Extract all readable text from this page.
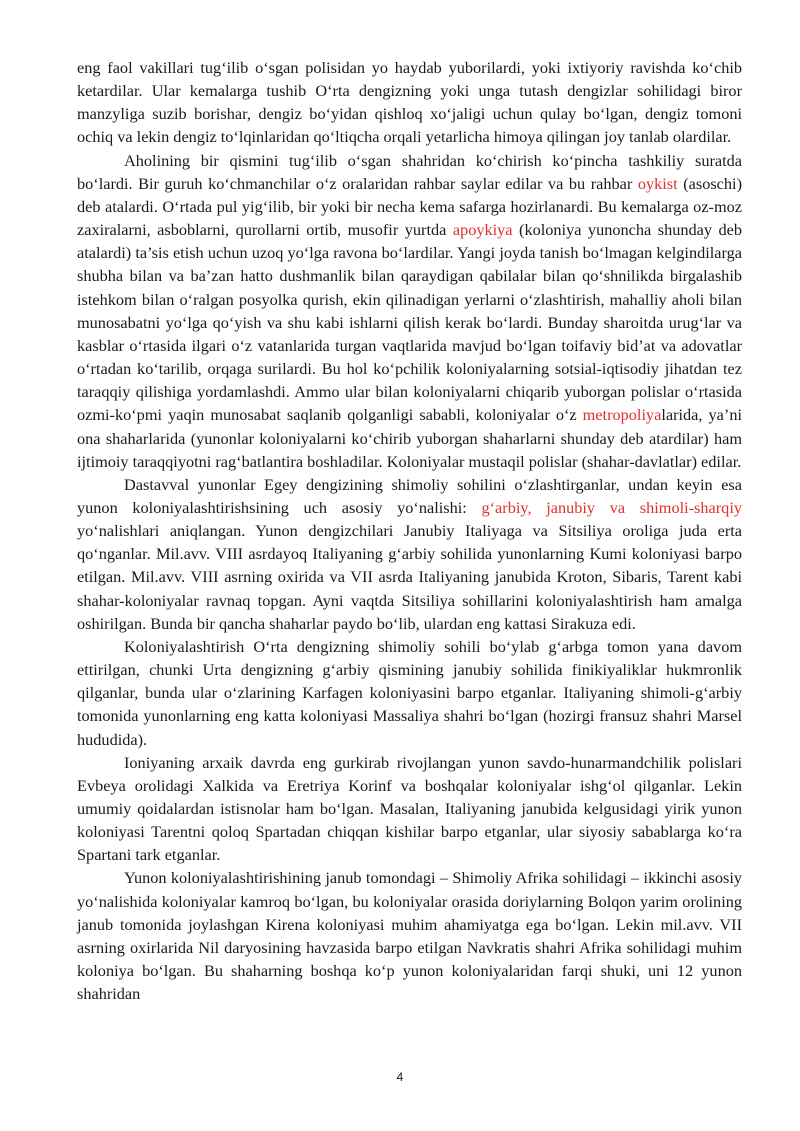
eng faol vakillari tug‘ilib o‘sgan polisidan yo haydab yuborilardi, yoki ixtiyoriy ravishda ko‘chib ketardilar. Ular kemalarga tushib O‘rta dengizning yoki unga tutash dengizlar sohilidagi biror manzyliga suzib borishar, dengiz bo‘yidan qishloq xo‘jaligi uchun qulay bo‘lgan, dengiz tomoni ochiq va lekin dengiz to‘lqinlaridan qo‘ltiqcha orqali yetarlicha himoya qilingan joy tanlab olardilar.

Aholining bir qismini tug‘ilib o‘sgan shahridan ko‘chirish ko‘pincha tashkiliy suratda bo‘lardi. Bir guruh ko‘chmanchilar o‘z oralaridan rahbar saylar edilar va bu rahbar oykist (asoschi) deb atalardi. O‘rtada pul yig‘ilib, bir yoki bir necha kema safarga hozirlanardi. Bu kemalarga oz-moz zaxiralarni, asboblarni, qurollarni ortib, musofir yurtda apoykiya (koloniya yunoncha shunday deb atalardi) ta’sis etish uchun uzoq yo‘lga ravona bo‘lardilar. Yangi joyda tanish bo‘lmagan kelgindilarga shubha bilan va ba’zan hatto dushmanlik bilan qaraydigan qabilalar bilan qo‘shnilikda birgalashib istehkom bilan o‘ralgan posyolka qurish, ekin qilinadigan yerlarni o‘zlashtirish, mahalliy aholi bilan munosabatni yo‘lga qo‘yish va shu kabi ishlarni qilish kerak bo‘lardi. Bunday sharoitda urug‘lar va kasblar o‘rtasida ilgari o‘z vatanlarida turgan vaqtlarida mavjud bo‘lgan toifaviy bid’at va adovatlar o‘rtadan ko‘tarilib, orqaga surilardi. Bu hol ko‘pchilik koloniyalarning sotsial-iqtisodiy jihatdan tez taraqqiy qilishiga yordamlashdi. Ammo ular bilan koloniyalarni chiqarib yuborgan polislar o‘rtasida ozmi-ko‘pmi yaqin munosabat saqlanib qolganligi sababli, koloniyalar o‘z metropoliyalarida, ya’ni ona shaharlarida (yunonlar koloniyalarni ko‘chirib yuborgan shaharlarni shunday deb atardilar) ham ijtimoiy taraqqiyotni rag‘batlantira boshladilar. Koloniyalar mustaqil polislar (shahar-davlatlar) edilar.

Dastavval yunonlar Egey dengizining shimoliy sohilini o‘zlashtirganlar, undan keyin esa yunon koloniyalashtirishsining uch asosiy yo‘nalishi: g‘arbiy, janubiy va shimoli-sharqiy yo‘nalishlari aniqlangan. Yunon dengizchilari Janubiy Italiyaga va Sitsiliya oroliga juda erta qo‘nganlar. Mil.avv. VIII asrdayoq Italiyaning g‘arbiy sohilida yunonlarning Kumi koloniyasi barpo etilgan. Mil.avv. VIII asrning oxirida va VII asrda Italiyaning janubida Kroton, Sibaris, Tarent kabi shahar-koloniyalar ravnaq topgan. Ayni vaqtda Sitsiliya sohillarini koloniyalashtirish ham amalga oshirilgan. Bunda bir qancha shaharlar paydo bo‘lib, ulardan eng kattasi Sirakuza edi.

Koloniyalashtirish O‘rta dengizning shimoliy sohili bo‘ylab g‘arbga tomon yana davom ettirilgan, chunki Urta dengizning g‘arbiy qismining janubiy sohilida finikiyaliklar hukmronlik qilganlar, bunda ular o‘zlarining Karfagen koloniyasini barpo etganlar. Italiyaning shimoli-g‘arbiy tomonida yunonlarning eng katta koloniyasi Massaliya shahri bo‘lgan (hozirgi fransuz shahri Marsel hududida).

Ioniyaning arxaik davrda eng gurkirab rivojlangan yunon savdo-hunarmandchilik polislari Evbeya orolidagi Xalkida va Eretriya Korinf va boshqalar koloniyalar ishg‘ol qilganlar. Lekin umumiy qoidalardan istisnolar ham bo‘lgan. Masalan, Italiyaning janubida kelgusidagi yirik yunon koloniyasi Tarentni qoloq Spartadan chiqqan kishilar barpo etganlar, ular siyosiy sabablarga ko‘ra Spartani tark etganlar.

Yunon koloniyalashtirishining janub tomondagi – Shimoliy Afrika sohilidagi – ikkinchi asosiy yo‘nalishida koloniyalar kamroq bo‘lgan, bu koloniyalar orasida doriylarning Bolqon yarim orolining janub tomonida joylashgan Kirena koloniyasi muhim ahamiyatga ega bo‘lgan. Lekin mil.avv. VII asrning oxirlarida Nil daryosining havzasida barpo etilgan Navkratis shahri Afrika sohilidagi muhim koloniya bo‘lgan. Bu shaharning boshqa ko‘p yunon koloniyalaridan farqi shuki, uni 12 yunon shahridan

4
